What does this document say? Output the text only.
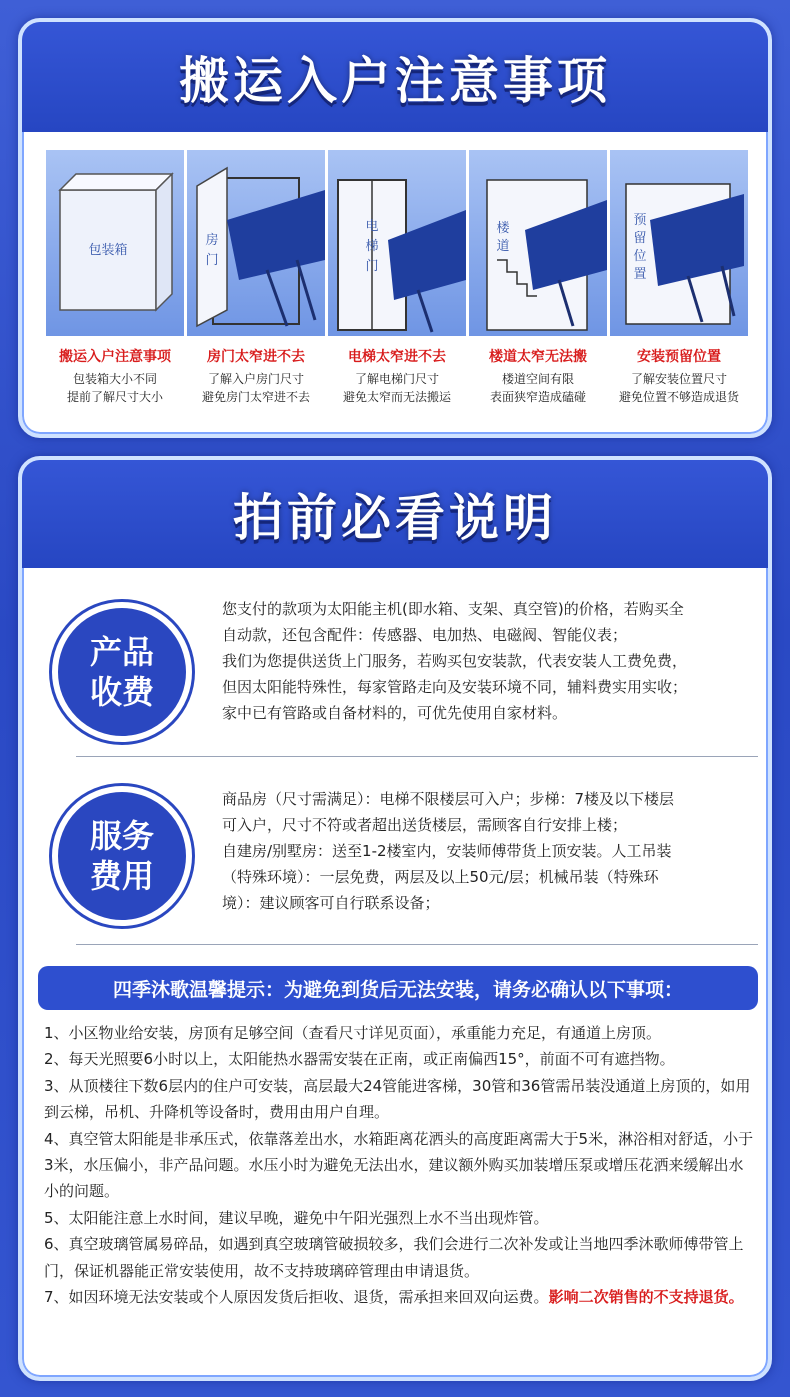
搬运入户注意事项
包装箱
搬运入户注意事项
包装箱大小不同
提前了解尺寸大小
房
门
房门太窄进不去
了解入户房门尺寸
避免房门太窄进不去
电
梯
门
电梯太窄进不去
了解电梯门尺寸
避免太窄而无法搬运
楼
道
楼道太窄无法搬
楼道空间有限
表面狭窄造成磕碰
预
留
位
置
安装预留位置
了解安装位置尺寸
避免位置不够造成退货
拍前必看说明
产品
收费
您支付的款项为太阳能主机(即水箱、支架、真空管)的价格，若购买全
自动款，还包含配件：传感器、电加热、电磁阀、智能仪表；
我们为您提供送货上门服务，若购买包安装款，代表安装人工费免费，
但因太阳能特殊性，每家管路走向及安装环境不同，辅料费实用实收；
家中已有管路或自备材料的，可优先使用自家材料。
服务
费用
商品房（尺寸需满足）：电梯不限楼层可入户；步梯：7楼及以下楼层
可入户，尺寸不符或者超出送货楼层，需顾客自行安排上楼；
自建房/别墅房：送至1-2楼室内，安装师傅带货上顶安装。人工吊装
（特殊环境）：一层免费，两层及以上50元/层；机械吊装（特殊环
境）：建议顾客可自行联系设备；
四季沐歌温馨提示：为避免到货后无法安装，请务必确认以下事项：

1、小区物业给安装，房顶有足够空间（查看尺寸详见页面），承重能力充足，有通道上房顶。

2、每天光照要6小时以上，太阳能热水器需安装在正南，或正南偏西15°，前面不可有遮挡物。

3、从顶楼往下数6层内的住户可安装，高层最大24管能进客梯，30管和36管需吊装没通道上房顶的，如用到云梯，吊机、升降机等设备时，费用由用户自理。

4、真空管太阳能是非承压式，依靠落差出水，水箱距离花洒头的高度距离需大于5米，淋浴相对舒适，小于3米，水压偏小，非产品问题。水压小时为避免无法出水，建议额外购买加装增压泵或增压花洒来缓解出水小的问题。

5、太阳能注意上水时间，建议早晚，避免中午阳光强烈上水不当出现炸管。

6、真空玻璃管属易碎品，如遇到真空玻璃管破损较多，我们会进行二次补发或让当地四季沐歌师傅带管上门，保证机器能正常安装使用，故不支持玻璃碎管理由申请退货。

7、如因环境无法安装或个人原因发货后拒收、退货，需承担来回双向运费。影响二次销售的不支持退货。
